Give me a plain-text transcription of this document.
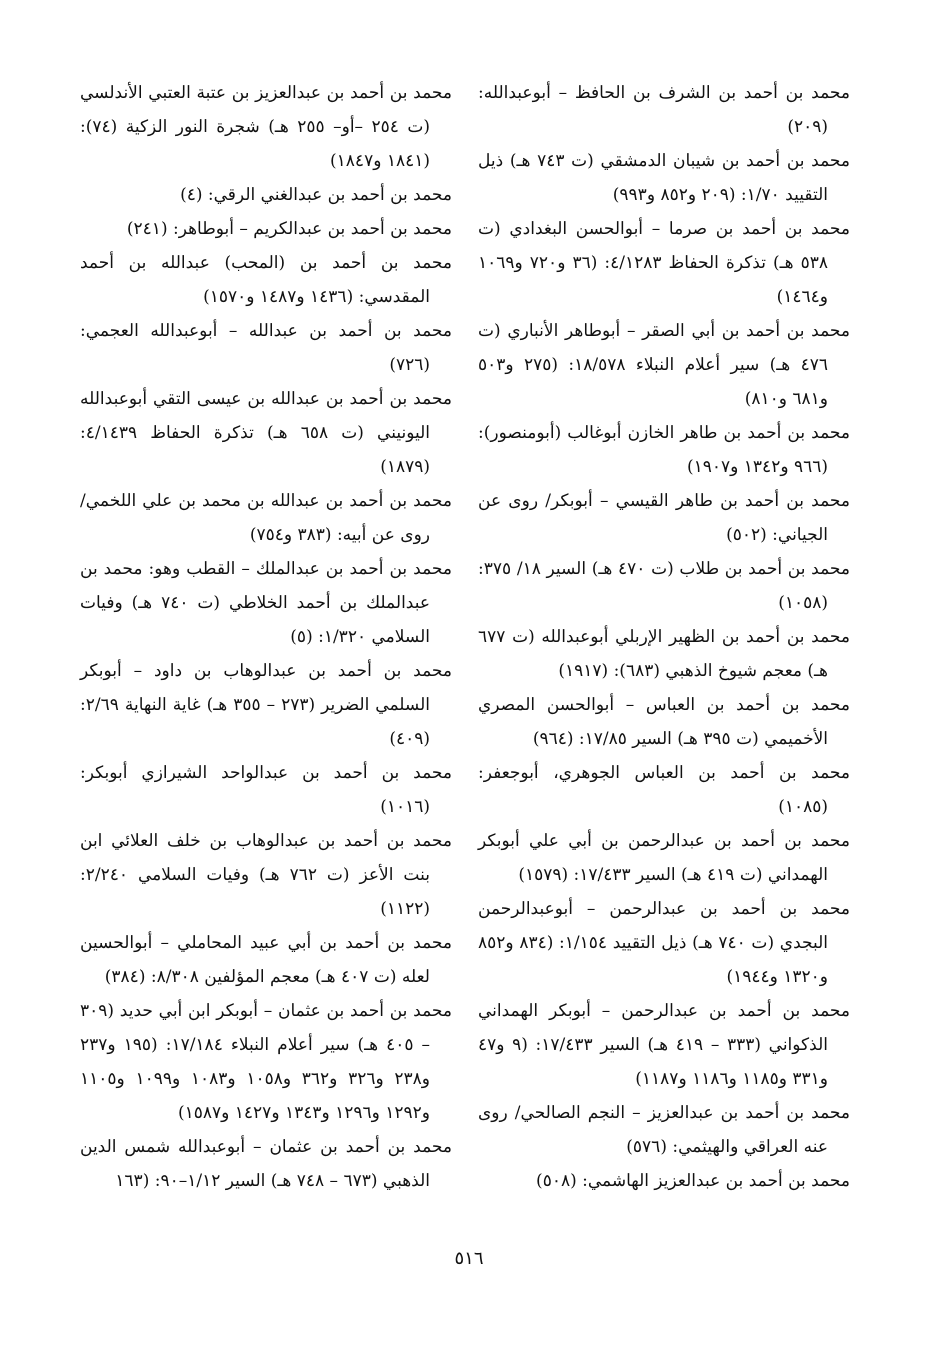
محمد بن أحمد بن الشرف بن الحافظ – أبوعبدالله: (٢٠٩)

محمد بن أحمد بن شيبان الدمشقي (ت ٧٤٣ هـ) ذيل التقييد ١/٧٠: (٢٠٩ و٨٥٢ و٩٩٣)

محمد بن أحمد بن صرما – أبوالحسن البغدادي (ت ٥٣٨ هـ) تذكرة الحفاظ ٤/١٢٨٣: (٣٦ و٧٢٠ و١٠٦٩ و١٤٦٤)

محمد بن أحمد بن أبي الصقر – أبوطاهر الأنباري (ت ٤٧٦ هـ) سير أعلام النبلاء ١٨/٥٧٨: (٢٧٥ و٥٠٣ و٦٨١ و٨١٠)

محمد بن أحمد بن طاهر الخازن أبوغالب (أبومنصور): (٩٦٦ و١٣٤٢ و١٩٠٧)

محمد بن أحمد بن طاهر القيسي – أبوبكر/ روى عن الجياني: (٥٠٢)

محمد بن أحمد بن طلاب (ت ٤٧٠ هـ) السير ١٨/ ٣٧٥: (١٠٥٨)

محمد بن أحمد بن الظهير الإربلي أبوعبدالله (ت ٦٧٧ هـ) معجم شيوخ الذهبي (٦٨٣): (١٩١٧)

محمد بن أحمد بن العباس – أبوالحسن المصري الأخميمي (ت ٣٩٥ هـ) السير ١٧/٨٥: (٩٦٤)

محمد بن أحمد بن العباس الجوهري، أبوجعفر: (١٠٨٥)

محمد بن أحمد بن عبدالرحمن بن أبي علي أبوبكر الهمداني (ت ٤١٩ هـ) السير ١٧/٤٣٣: (١٥٧٩)

محمد بن أحمد بن عبدالرحمن – أبوعبدالرحمن البجدي (ت ٧٤٠ هـ) ذيل التقييد ١/١٥٤: (٨٣٤ و٨٥٢ و١٣٢٠ و١٩٤٤)

محمد بن أحمد بن عبدالرحمن – أبوبكر الهمداني الذكواني (٣٣٣ – ٤١٩ هـ) السير ١٧/٤٣٣: (٩ و٤٧ و٣٣١ و١١٨٥ و١١٨٦ و١١٨٧)

محمد بن أحمد بن عبدالعزيز – النجم الصالحي/ روى عنه العراقي والهيثمي: (٥٧٦)

محمد بن أحمد بن عبدالعزيز الهاشمي: (٥٠٨)

محمد بن أحمد بن عبدالعزيز بن عتبة العتبي الأندلسي (ت ٢٥٤ –أو– ٢٥٥ هـ) شجرة النور الزكية (٧٤): (١٨٤١ و١٨٤٧)

محمد بن أحمد بن عبدالغني الرقي: (٤)

محمد بن أحمد بن عبدالكريم – أبوطاهر: (٢٤١)

محمد بن أحمد بن (المحب) عبدالله بن أحمد المقدسي: (١٤٣٦ و١٤٨٧ و١٥٧٠)

محمد بن أحمد بن عبدالله – أبوعبدالله العجمي: (٧٢٦)

محمد بن أحمد بن عبدالله بن عيسى التقي أبوعبدالله اليونيني (ت ٦٥٨ هـ) تذكرة الحفاظ ٤/١٤٣٩: (١٨٧٩)

محمد بن أحمد بن عبدالله بن محمد بن علي اللخمي/ روى عن أبيه: (٣٨٣ و٧٥٤)

محمد بن أحمد بن عبدالملك – القطب وهو: محمد بن عبدالملك بن أحمد الخلاطي (ت ٧٤٠ هـ) وفيات السلامي ١/٣٢٠: (٥)

محمد بن أحمد بن عبدالوهاب بن داود – أبوبكر السلمي الضرير (٢٧٣ – ٣٥٥ هـ) غاية النهاية ٢/٦٩: (٤٠٩)

محمد بن أحمد بن عبدالواحد الشيرازي أبوبكر: (١٠١٦)

محمد بن أحمد بن عبدالوهاب بن خلف العلائي ابن بنت الأعز (ت ٧٦٢ هـ) وفيات السلامي ٢/٢٤٠: (١١٢٢)

محمد بن أحمد بن أبي عبيد المحاملي – أبوالحسين لعله (ت ٤٠٧ هـ) معجم المؤلفين ٨/٣٠٨: (٣٨٤)

محمد بن أحمد بن عثمان – أبوبكر ابن أبي حديد (٣٠٩ – ٤٠٥ هـ) سير أعلام النبلاء ١٧/١٨٤: (١٩٥ و٢٣٧ و٢٣٨ و٣٢٦ و٣٦٢ و١٠٥٨ و١٠٨٣ و١٠٩٩ و١١٠٥ و١٢٩٢ و١٢٩٦ و١٣٤٣ و١٤٢٧ و١٥٨٧)

محمد بن أحمد بن عثمان – أبوعبدالله شمس الدين الذهبي (٦٧٣ – ٧٤٨ هـ) السير ١/١٢–٩٠: (١٦٣

٥١٦
